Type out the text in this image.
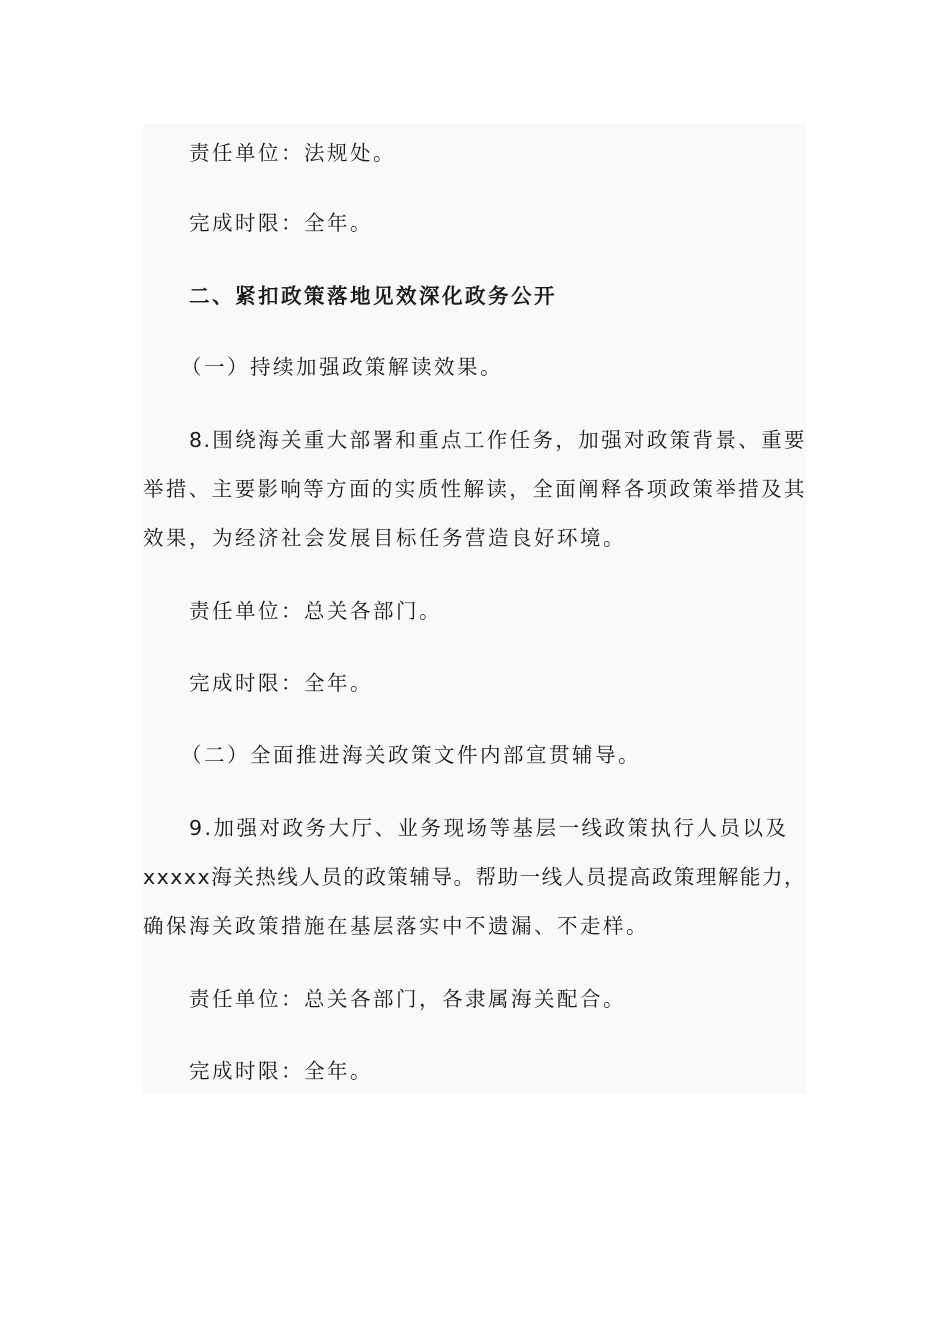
责任单位：法规处。

完成时限：全年。

二、紧扣政策落地见效深化政务公开

（一）持续加强政策解读效果。

8.围绕海关重大部署和重点工作任务，加强对政策背景、重要

举措、主要影响等方面的实质性解读，全面阐释各项政策举措及其

效果，为经济社会发展目标任务营造良好环境。

责任单位：总关各部门。

完成时限：全年。

（二）全面推进海关政策文件内部宣贯辅导。

9.加强对政务大厅、业务现场等基层一线政策执行人员以及

xxxxx海关热线人员的政策辅导。帮助一线人员提高政策理解能力，

确保海关政策措施在基层落实中不遗漏、不走样。

责任单位：总关各部门，各隶属海关配合。

完成时限：全年。
